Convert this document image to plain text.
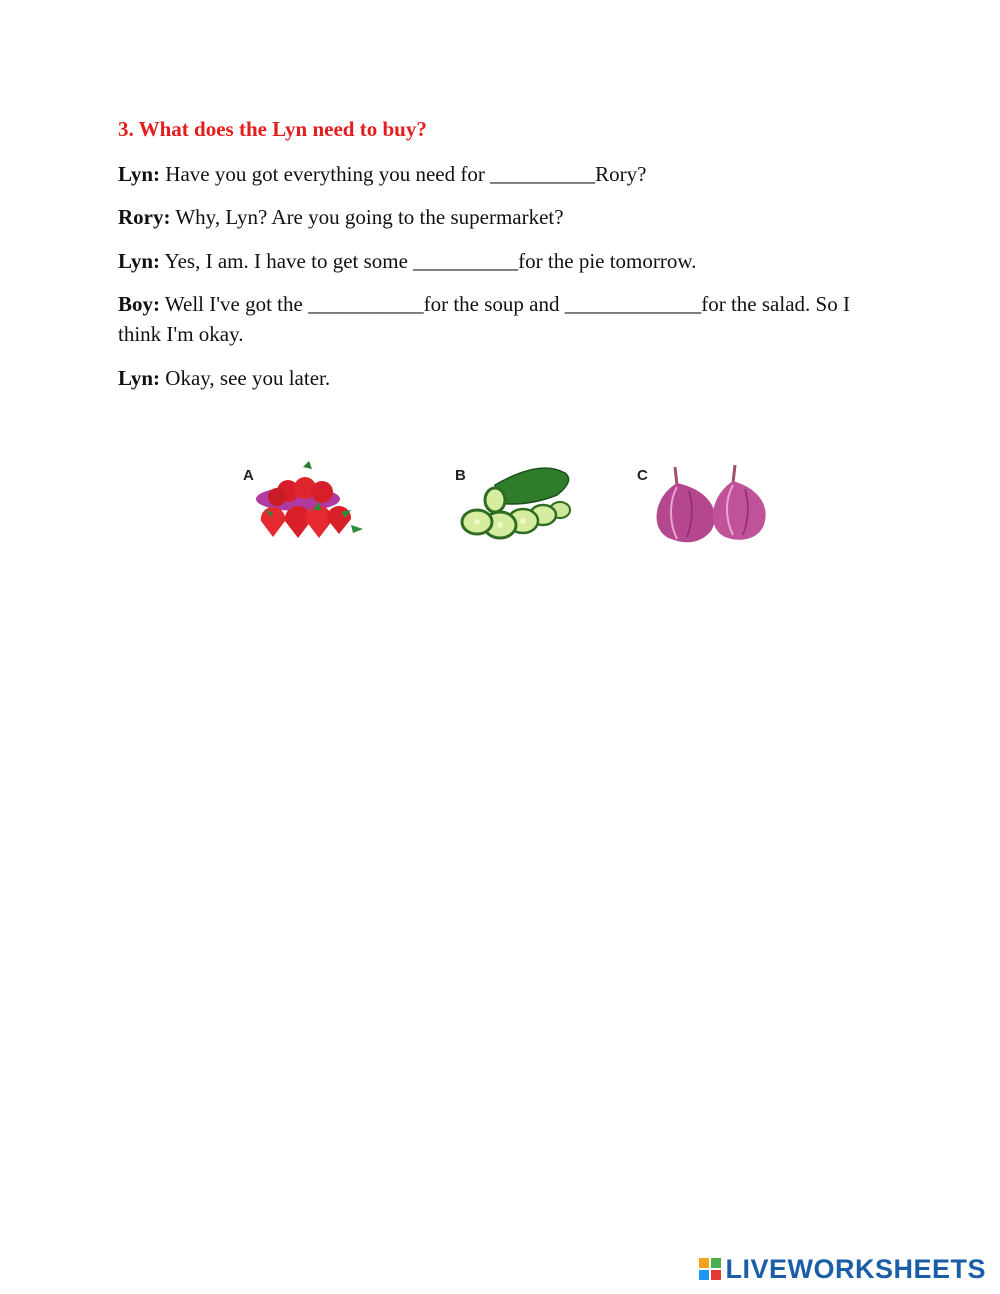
3. What does the Lyn need to buy?
Lyn: Have you got everything you need for __________Rory?
Rory: Why, Lyn? Are you going to the supermarket?
Lyn: Yes, I am. I have to get some __________for the pie tomorrow.
Boy: Well I've got the ___________for the soup and _____________for the salad. So I think I'm okay.
Lyn: Okay, see you later.
A	B	C
LIVEWORKSHEETS
